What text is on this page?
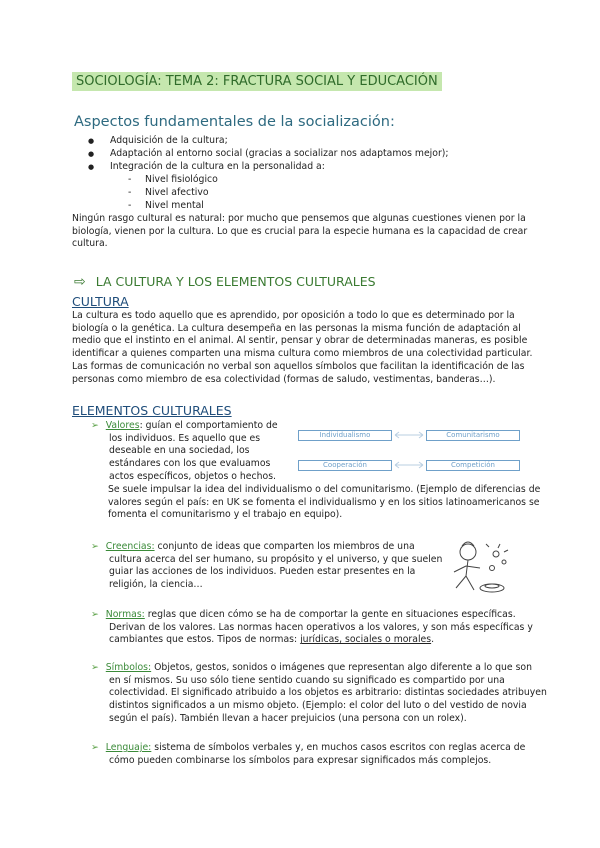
SOCIOLOGÍA: TEMA 2: FRACTURA SOCIAL Y EDUCACIÓN
Aspectos fundamentales de la socialización:
● Adquisición de la cultura;
● Adaptación al entorno social (gracias a socializar nos adaptamos mejor);
● Integración de la cultura en la personalidad a:
- Nivel fisiológico
- Nivel afectivo
- Nivel mental
Ningún rasgo cultural es natural: por mucho que pensemos que algunas cuestiones vienen por la
biología, vienen por la cultura. Lo que es crucial para la especie humana es la capacidad de crear
cultura.
⇨ LA CULTURA Y LOS ELEMENTOS CULTURALES
CULTURA
La cultura es todo aquello que es aprendido, por oposición a todo lo que es determinado por la
biología o la genética. La cultura desempeña en las personas la misma función de adaptación al
medio que el instinto en el animal. Al sentir, pensar y obrar de determinadas maneras, es posible
identificar a quienes comparten una misma cultura como miembros de una colectividad particular.
Las formas de comunicación no verbal son aquellos símbolos que facilitan la identificación de las
personas como miembro de esa colectividad (formas de saludo, vestimentas, banderas…).
ELEMENTOS CULTURALES
➢ Valores: guían el comportamiento de
los individuos. Es aquello que es
deseable en una sociedad, los
estándares con los que evaluamos
actos específicos, objetos o hechos.
Individualismo	Comunitarismo
Cooperación	Competición
Se suele impulsar la idea del individualismo o del comunitarismo. (Ejemplo de diferencias de
valores según el país: en UK se fomenta el individualismo y en los sitios latinoamericanos se
fomenta el comunitarismo y el trabajo en equipo).
➢ Creencias: conjunto de ideas que comparten los miembros de una
cultura acerca del ser humano, su propósito y el universo, y que suelen
guiar las acciones de los individuos. Pueden estar presentes en la
religión, la ciencia…
➢ Normas: reglas que dicen cómo se ha de comportar la gente en situaciones específicas.
Derivan de los valores. Las normas hacen operativos a los valores, y son más específicas y
cambiantes que estos. Tipos de normas: jurídicas, sociales o morales.
➢ Símbolos: Objetos, gestos, sonidos o imágenes que representan algo diferente a lo que son
en sí mismos. Su uso sólo tiene sentido cuando su significado es compartido por una
colectividad. El significado atribuido a los objetos es arbitrario: distintas sociedades atribuyen
distintos significados a un mismo objeto. (Ejemplo: el color del luto o del vestido de novia
según el país). También llevan a hacer prejuicios (una persona con un rolex).
➢ Lenguaje: sistema de símbolos verbales y, en muchos casos escritos con reglas acerca de
cómo pueden combinarse los símbolos para expresar significados más complejos.
